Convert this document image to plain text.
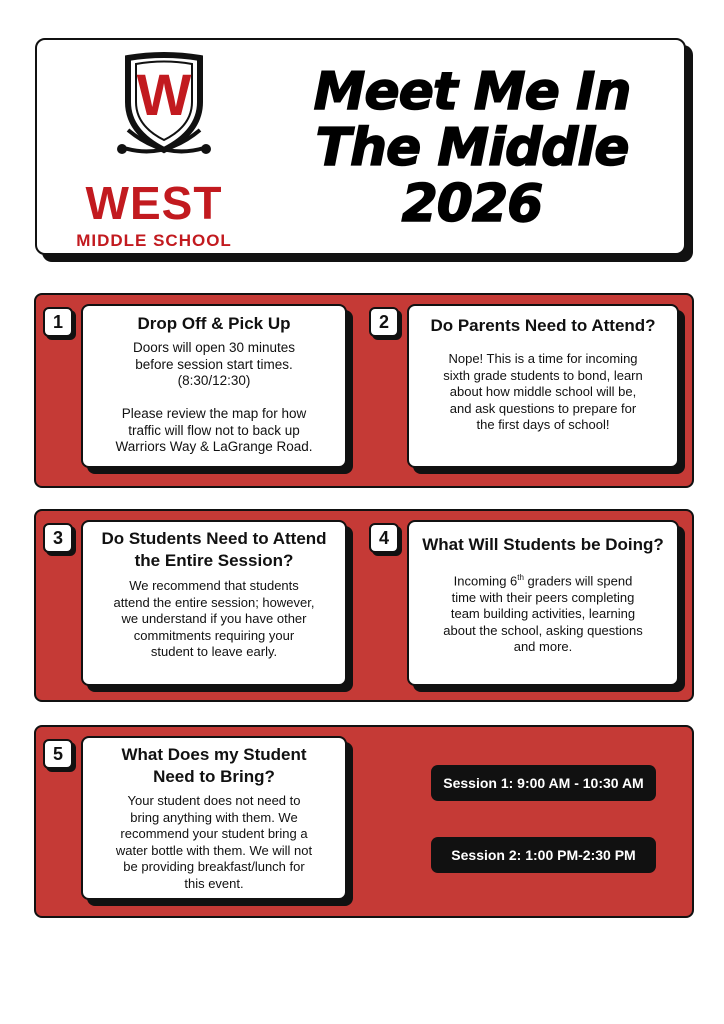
W
WEST
MIDDLE SCHOOL
Meet Me In
The Middle
2026
1	Drop Off & Pick Up
Doors will open 30 minutes
before session start times.
(8:30/12:30)

Please review the map for how
traffic will flow not to back up
Warriors Way & LaGrange Road.
2	Do Parents Need to Attend?
Nope! This is a time for incoming
sixth grade students to bond, learn
about how middle school will be,
and ask questions to prepare for
the first days of school!
3	Do Students Need to Attend
the Entire Session?
We recommend that students
attend the entire session; however,
we understand if you have other
commitments requiring your
student to leave early.
4	What Will Students be Doing?
Incoming 6th graders will spend
time with their peers completing
team building activities, learning
about the school, asking questions
and more.
5	What Does my Student
Need to Bring?
Your student does not need to
bring anything with them. We
recommend your student bring a
water bottle with them. We will not
be providing breakfast/lunch for
this event.
Session 1: 9:00 AM - 10:30 AM
Session 2: 1:00 PM-2:30 PM
